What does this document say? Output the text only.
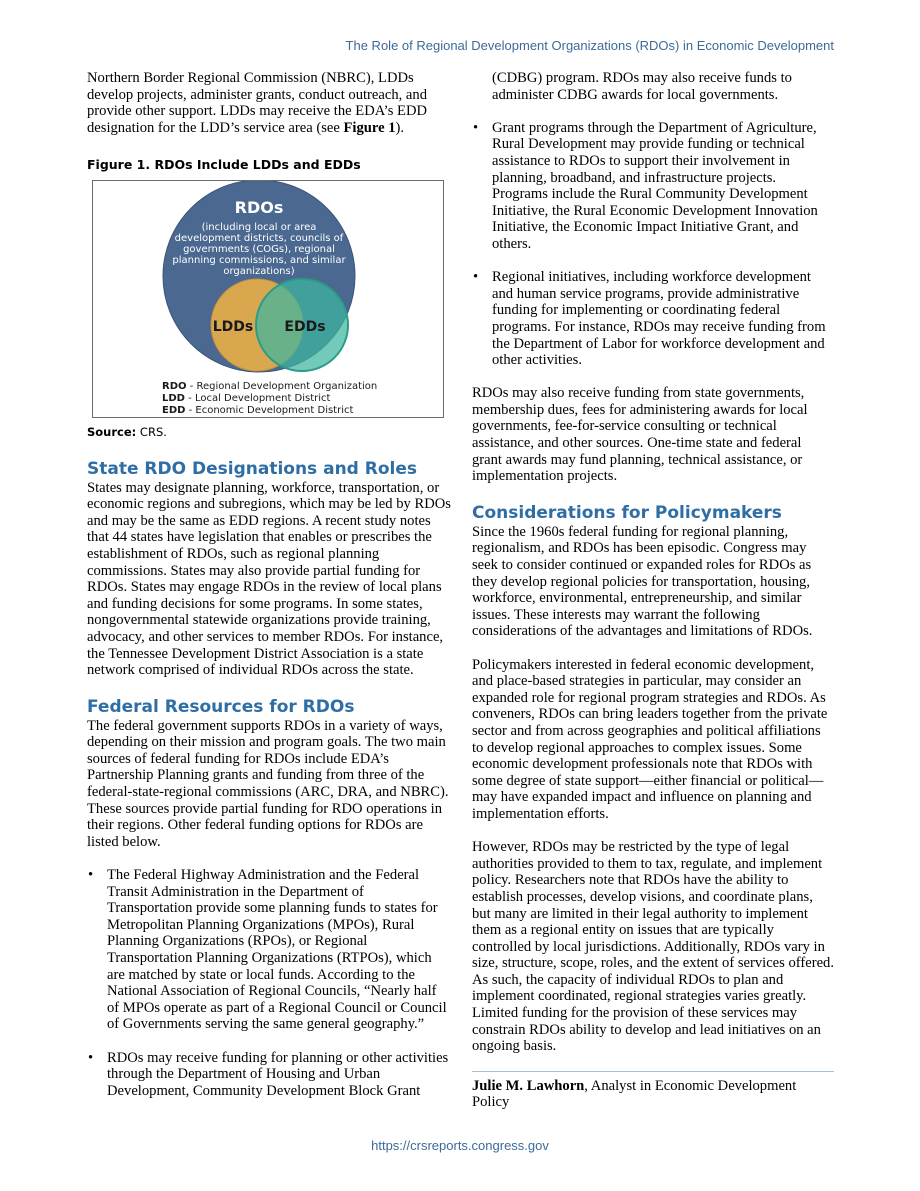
The Role of Regional Development Organizations (RDOs) in Economic Development

Northern Border Regional Commission (NBRC), LDDs develop projects, administer grants, conduct outreach, and provide other support. LDDs may receive the EDA’s EDD designation for the LDD’s service area (see Figure 1).

Figure 1. RDOs Include LDDs and EDDs
RDOs
(including local or area
development districts, councils of
governments (COGs), regional
planning commissions, and similar
organizations)
LDDs EDDs
RDO - Regional Development Organization
LDD - Local Development District
EDD - Economic Development District
Source: CRS.
State RDO Designations and Roles

States may designate planning, workforce, transportation, or economic regions and subregions, which may be led by RDOs and may be the same as EDD regions. A recent study notes that 44 states have legislation that enables or prescribes the establishment of RDOs, such as regional planning commissions. States may also provide partial funding for RDOs. States may engage RDOs in the review of local plans and funding decisions for some programs. In some states, nongovernmental statewide organizations provide training, advocacy, and other services to member RDOs. For instance, the Tennessee Development District Association is a state network comprised of individual RDOs across the state.

Federal Resources for RDOs

The federal government supports RDOs in a variety of ways, depending on their mission and program goals. The two main sources of federal funding for RDOs include EDA’s Partnership Planning grants and funding from three of the federal-state-regional commissions (ARC, DRA, and NBRC). These sources provide partial funding for RDO operations in their regions. Other federal funding options for RDOs are listed below.

• The Federal Highway Administration and the Federal Transit Administration in the Department of Transportation provide some planning funds to states for Metropolitan Planning Organizations (MPOs), Rural Planning Organizations (RPOs), or Regional Transportation Planning Organizations (RTPOs), which are matched by state or local funds. According to the National Association of Regional Councils, “Nearly half of MPOs operate as part of a Regional Council or Council of Governments serving the same general geography.”
• RDOs may receive funding for planning or other activities through the Department of Housing and Urban Development, Community Development Block Grant
(CDBG) program. RDOs may also receive funds to administer CDBG awards for local governments.
• Grant programs through the Department of Agriculture, Rural Development may provide funding or technical assistance to RDOs to support their involvement in planning, broadband, and infrastructure projects. Programs include the Rural Community Development Initiative, the Rural Economic Development Innovation Initiative, the Economic Impact Initiative Grant, and others.
• Regional initiatives, including workforce development and human service programs, provide administrative funding for implementing or coordinating federal programs. For instance, RDOs may receive funding from the Department of Labor for workforce development and other activities.

RDOs may also receive funding from state governments, membership dues, fees for administering awards for local governments, fee-for-service consulting or technical assistance, and other sources. One-time state and federal grant awards may fund planning, technical assistance, or implementation projects.

Considerations for Policymakers

Since the 1960s federal funding for regional planning, regionalism, and RDOs has been episodic. Congress may seek to consider continued or expanded roles for RDOs as they develop regional policies for transportation, housing, workforce, environmental, entrepreneurship, and similar issues. These interests may warrant the following considerations of the advantages and limitations of RDOs.

Policymakers interested in federal economic development, and place-based strategies in particular, may consider an expanded role for regional program strategies and RDOs. As conveners, RDOs can bring leaders together from the private sector and from across geographies and political affiliations to develop regional approaches to complex issues. Some economic development professionals note that RDOs with some degree of state support—either financial or political—may have expanded impact and influence on planning and implementation efforts.

However, RDOs may be restricted by the type of legal authorities provided to them to tax, regulate, and implement policy. Researchers note that RDOs have the ability to establish processes, develop visions, and coordinate plans, but many are limited in their legal authority to implement them as a regional entity on issues that are typically controlled by local jurisdictions. Additionally, RDOs vary in size, structure, scope, roles, and the extent of services offered. As such, the capacity of individual RDOs to plan and implement coordinated, regional strategies varies greatly. Limited funding for the provision of these services may constrain RDOs ability to develop and lead initiatives on an ongoing basis.

Julie M. Lawhorn, Analyst in Economic Development Policy
https://crsreports.congress.gov
